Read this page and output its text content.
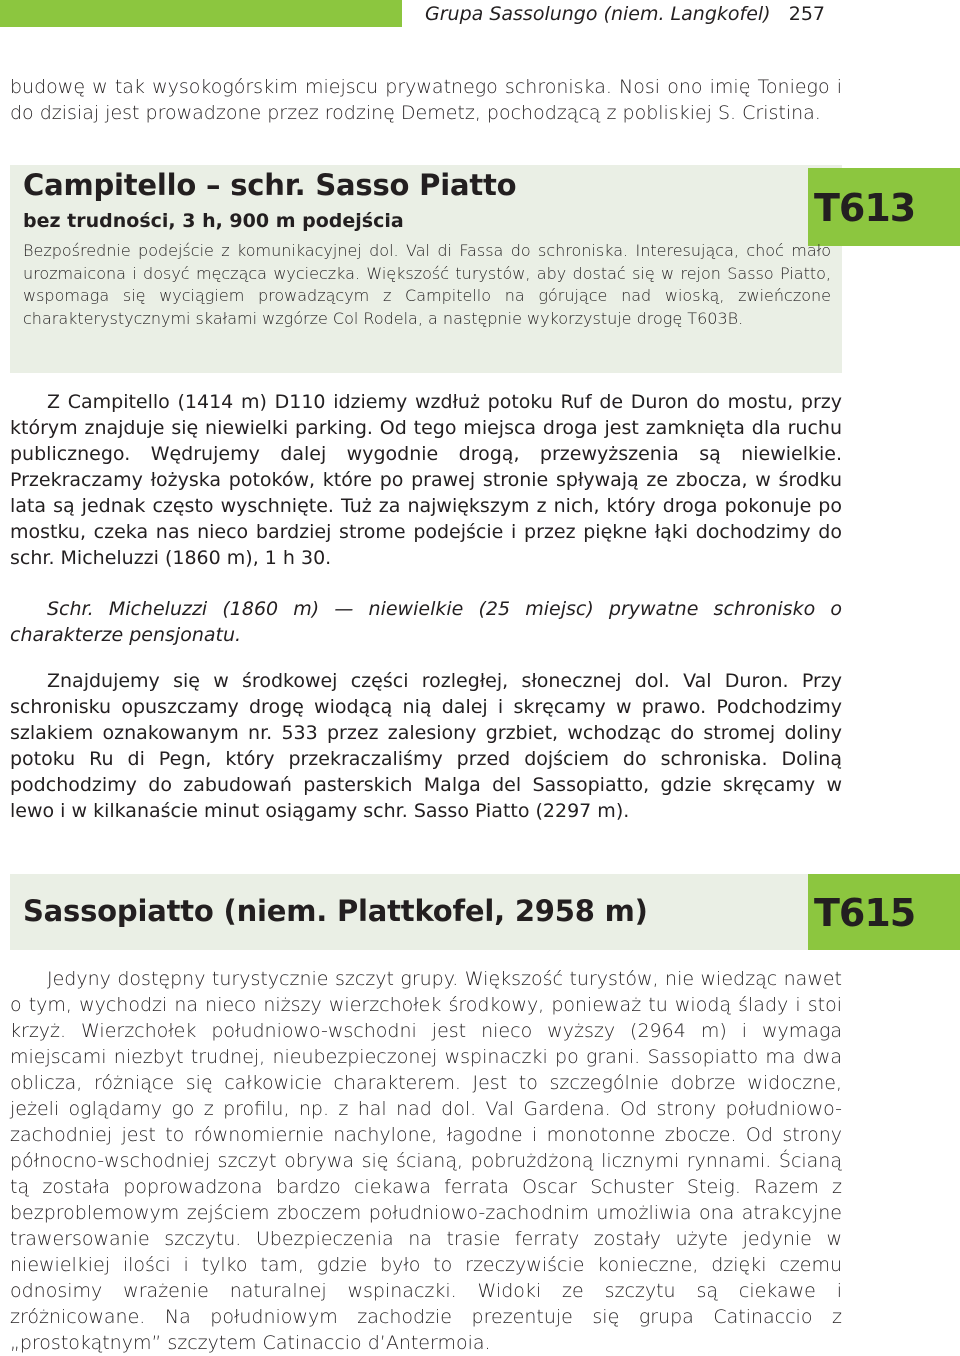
Grupa Sassolungo (niem. Langkofel) 257

budowę w tak wysokogórskim miejscu prywatnego schroniska. Nosi ono imię Toniego i do dzisiaj jest prowadzone przez rodzinę Demetz, pochodzącą z pobliskiej S. Cristina.

Campitello – schr. Sasso Piatto
bez trudności, 3 h, 900 m podejścia	T613
Bezpośrednie podejście z komunikacyjnej dol. Val di Fassa do schroniska. Interesująca, choć mało urozmaicona i dosyć męcząca wycieczka. Większość turystów, aby dostać się w rejon Sasso Piatto, wspomaga się wyciągiem prowadzącym z Campitello na górujące nad wioską, zwieńczone charakterystycznymi skałami wzgórze Col Rodela, a następnie wykorzystuje drogę T603B.

Z Campitello (1414 m) D110 idziemy wzdłuż potoku Ruf de Duron do mostu, przy którym znajduje się niewielki parking. Od tego miejsca droga jest zamknięta dla ruchu publicznego. Wędrujemy dalej wygodnie drogą, przewyższenia są niewielkie. Przekraczamy łożyska potoków, które po prawej stronie spływają ze zbocza, w środku lata są jednak często wyschnięte. Tuż za największym z nich, który droga pokonuje po mostku, czeka nas nieco bardziej strome podejście i przez piękne łąki dochodzimy do schr. Micheluzzi (1860 m), 1 h 30.

Schr. Micheluzzi (1860 m) — niewielkie (25 miejsc) prywatne schronisko o charakterze pensjonatu.

Znajdujemy się w środkowej części rozległej, słonecznej dol. Val Duron. Przy schronisku opuszczamy drogę wiodącą nią dalej i skręcamy w prawo. Podchodzimy szlakiem oznakowanym nr. 533 przez zalesiony grzbiet, wchodząc do stromej doliny potoku Ru di Pegn, który przekraczaliśmy przed dojściem do schroniska. Doliną podchodzimy do zabudowań pasterskich Malga del Sassopiatto, gdzie skręcamy w lewo i w kilkanaście minut osiągamy schr. Sasso Piatto (2297 m).

Sassopiatto (niem. Plattkofel, 2958 m)	T615

Jedyny dostępny turystycznie szczyt grupy. Większość turystów, nie wiedząc nawet o tym, wychodzi na nieco niższy wierzchołek środkowy, ponieważ tu wiodą ślady i stoi krzyż. Wierzchołek południowo-wschodni jest nieco wyższy (2964 m) i wymaga miejscami niezbyt trudnej, nieubezpieczonej wspinaczki po grani. Sassopiatto ma dwa oblicza, różniące się całkowicie charakterem. Jest to szczególnie dobrze widoczne, jeżeli oglądamy go z profilu, np. z hal nad dol. Val Gardena. Od strony południowo-zachodniej jest to równomiernie nachylone, łagodne i monotonne zbocze. Od strony północno-wschodniej szczyt obrywa się ścianą, pobrużdżoną licznymi rynnami. Ścianą tą została poprowadzona bardzo ciekawa ferrata Oscar Schuster Steig. Razem z bezproblemowym zejściem zboczem południowo-zachodnim umożliwia ona atrakcyjne trawersowanie szczytu. Ubezpieczenia na trasie ferraty zostały użyte jedynie w niewielkiej ilości i tylko tam, gdzie było to rzeczywiście konieczne, dzięki czemu odnosimy wrażenie naturalnej wspinaczki. Widoki ze szczytu są ciekawe i zróżnicowane. Na południowym zachodzie prezentuje się grupa Catinaccio z „prostokątnym” szczytem Catinaccio d’Antermoia.
